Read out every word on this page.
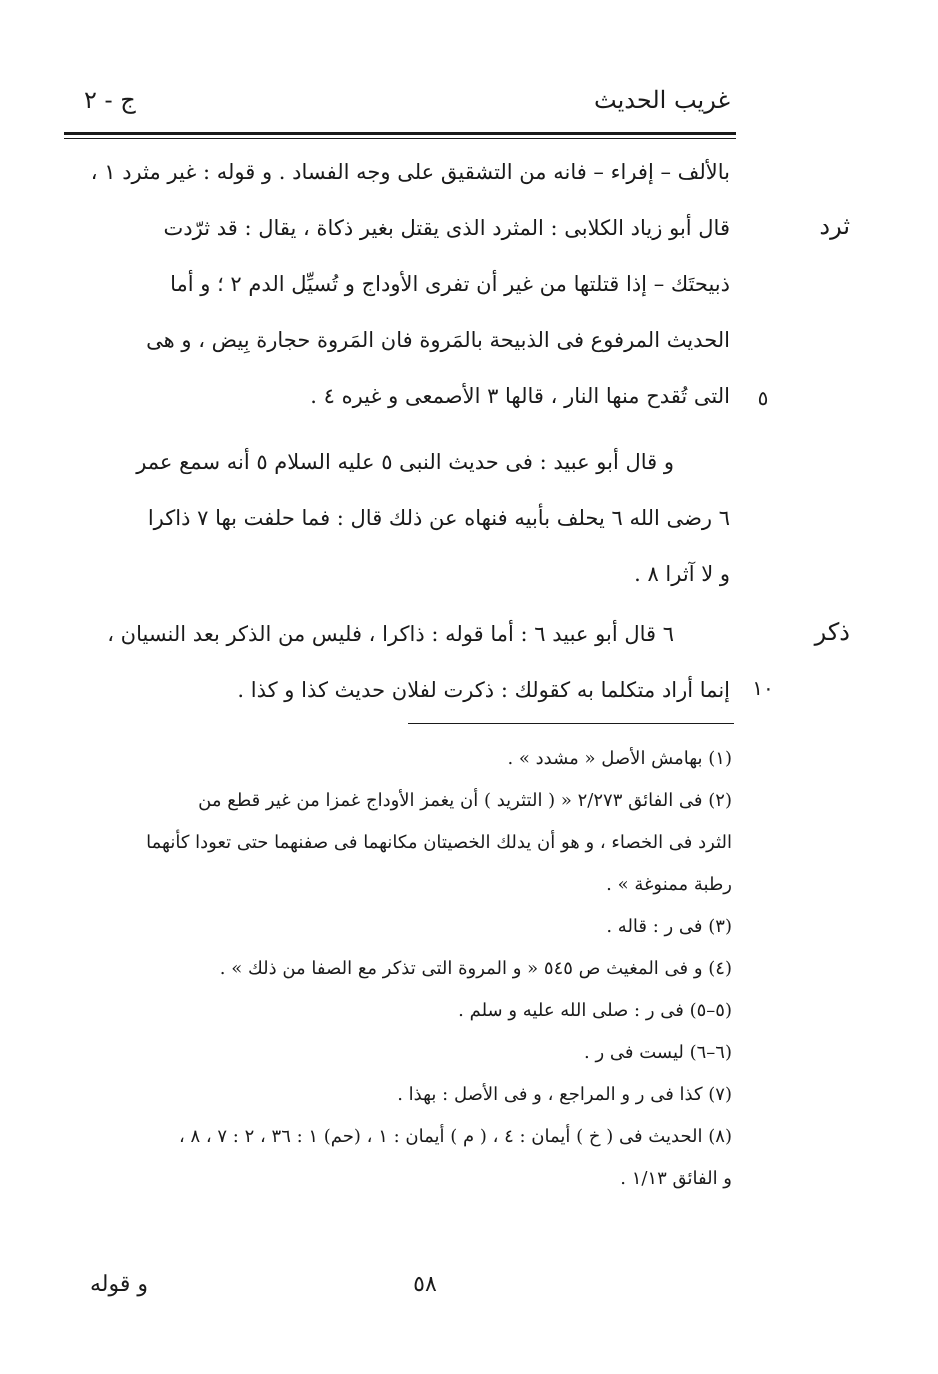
غريب الحديث
ج - ٢
بالألف – إفراء – فانه من التشقيق على وجه الفساد . و قوله : غير مثرد ١ ،
قال أبو زياد الكلابى : المثرد الذى يقتل بغير ذكاة ، يقال : قد ثرّدت
ذبيحتَك – إذا قتلتها من غير أن تفرى الأوداج و تُسيِّل الدم ٢ ؛ و أما
الحديث المرفوع فى الذبيحة بالمَروة فان المَروة حجارة بِيض ، و هى
التى تُقدح منها النار ، قالها ٣ الأصمعى و غيره ٤ .
و قال أبو عبيد : فى حديث النبى ٥ عليه السلام ٥ أنه سمع عمر
٦ رضى الله ٦ يحلف بأبيه فنهاه عن ذلك قال : فما حلفت بها ٧ ذاكرا
و لا آثرا ٨ .
٦ قال أبو عبيد ٦ : أما قوله : ذاكرا ، فليس من الذكر بعد النسيان ،
إنما أراد متكلما به كقولك : ذكرت لفلان حديث كذا و كذا .
ثرد
ذكر
٥
١٠
(١) بهامش الأصل « مشدد » .
(٢) فى الفائق ٢/٢٧٣ « ( التثريد ) أن يغمز الأوداج غمزا من غير قطع من
الثرد فى الخصاء ، و هو أن يدلك الخصيتان مكانهما فى صفنهما حتى تعودا كأنهما
رطبة ممنوغة » .
(٣) فى ر : قاله .
(٤) و فى المغيث ص ٥٤٥ « و المروة التى تذكر مع الصفا من ذلك » .
(٥–٥) فى ر : صلى الله عليه و سلم .
(٦–٦) ليست فى ر .
(٧) كذا فى ر و المراجع ، و فى الأصل : بهذا .
(٨) الحديث فى ( خ ) أيمان : ٤ ، ( م ) أيمان : ١ ، (حم) ١ : ٣٦ ، ٢ : ٧ ، ٨ ،
و الفائق ١/١٣ .
٥٨
و قوله
